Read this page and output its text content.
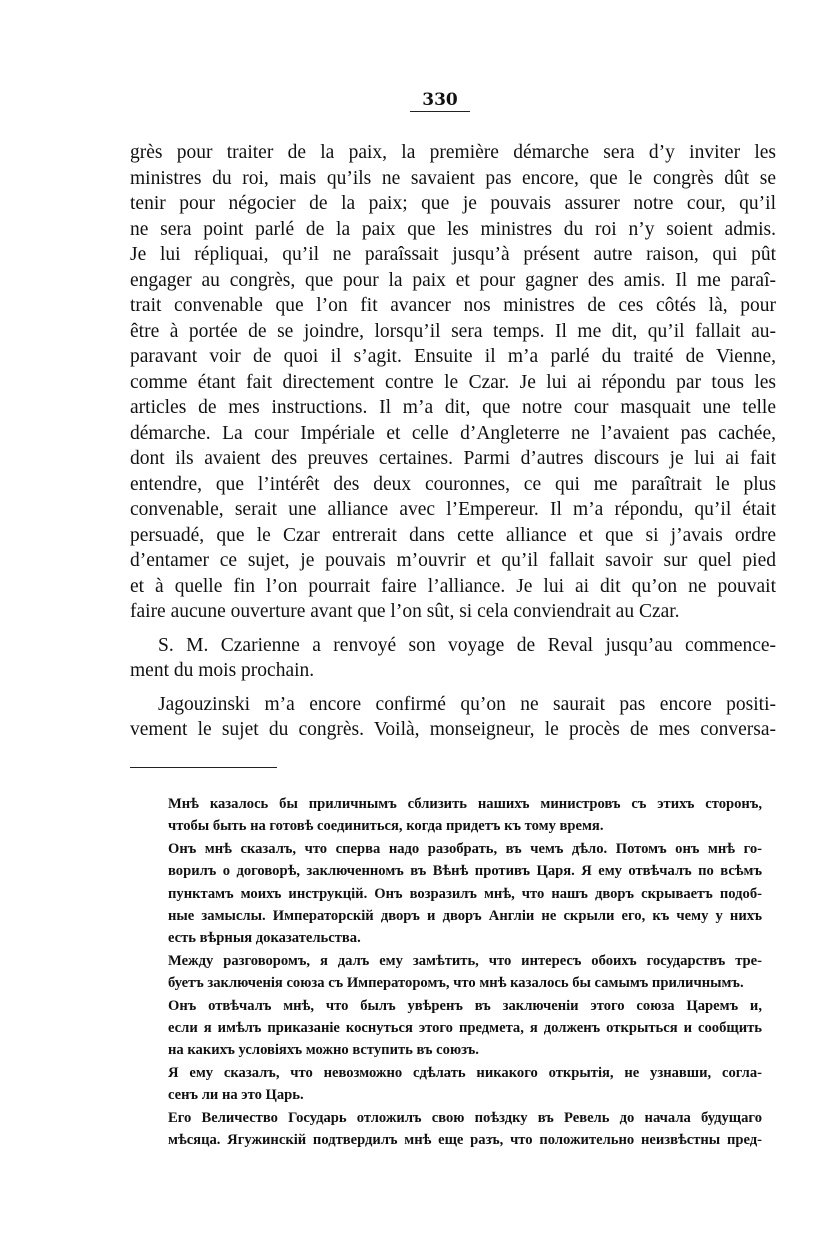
330
grès pour traiter de la paix, la première démarche sera d’y inviter les
ministres du roi, mais qu’ils ne savaient pas encore, que le congrès dût se
tenir pour négocier de la paix; que je pouvais assurer notre cour, qu’il
ne sera point parlé de la paix que les ministres du roi n’y soient admis.
Je lui répliquai, qu’il ne paraîssait jusqu’à présent autre raison, qui pût
engager au congrès, que pour la paix et pour gagner des amis. Il me paraî-
trait convenable que l’on fit avancer nos ministres de ces côtés là, pour
être à portée de se joindre, lorsqu’il sera temps. Il me dit, qu’il fallait au-
paravant voir de quoi il s’agit. Ensuite il m’a parlé du traité de Vienne,
comme étant fait directement contre le Czar. Je lui ai répondu par tous les
articles de mes instructions. Il m’a dit, que notre cour masquait une telle
démarche. La cour Impériale et celle d’Angleterre ne l’avaient pas cachée,
dont ils avaient des preuves certaines. Parmi d’autres discours je lui ai fait
entendre, que l’intérêt des deux couronnes, ce qui me paraîtrait le plus
convenable, serait une alliance avec l’Empereur. Il m’a répondu, qu’il était
persuadé, que le Czar entrerait dans cette alliance et que si j’avais ordre
d’entamer ce sujet, je pouvais m’ouvrir et qu’il fallait savoir sur quel pied
et à quelle fin l’on pourrait faire l’alliance. Je lui ai dit qu’on ne pouvait
faire aucune ouverture avant que l’on sût, si cela conviendrait au Czar.
S. M. Czarienne a renvoyé son voyage de Reval jusqu’au commence-
ment du mois prochain.
Jagouzinski m’a encore confirmé qu’on ne saurait pas encore positi-
vement le sujet du congrès. Voilà, monseigneur, le procès de mes conversa-
Мнѣ казалось бы приличнымъ сблизить нашихъ министровъ съ этихъ сторонъ,
чтобы быть на готовѣ соединиться, когда придетъ къ тому время.
Онъ мнѣ сказалъ, что сперва надо разобрать, въ чемъ дѣло. Потомъ онъ мнѣ го-
ворилъ о договорѣ, заключенномъ въ Вѣнѣ противъ Царя. Я ему отвѣчалъ по всѣмъ
пунктамъ моихъ инструкцій. Онъ возразилъ мнѣ, что нашъ дворъ скрываетъ подоб-
ные замыслы. Императорскій дворъ и дворъ Англіи не скрыли его, къ чему у нихъ
есть вѣрныя доказательства.
Между разговоромъ, я далъ ему замѣтить, что интересъ обоихъ государствъ тре-
буетъ заключенія союза съ Императоромъ, что мнѣ казалось бы самымъ приличнымъ.
Онъ отвѣчалъ мнѣ, что былъ увѣренъ въ заключеніи этого союза Царемъ и,
если я имѣлъ приказаніе коснуться этого предмета, я долженъ открыться и сообщить
на какихъ условіяхъ можно вступить въ союзъ.
Я ему сказалъ, что невозможно сдѣлать никакого открытія, не узнавши, согла-
сенъ ли на это Царь.
Его Величество Государь отложилъ свою поѣздку въ Ревель до начала будущаго
мѣсяца. Ягужинскій подтвердилъ мнѣ еще разъ, что положительно неизвѣстны пред-
